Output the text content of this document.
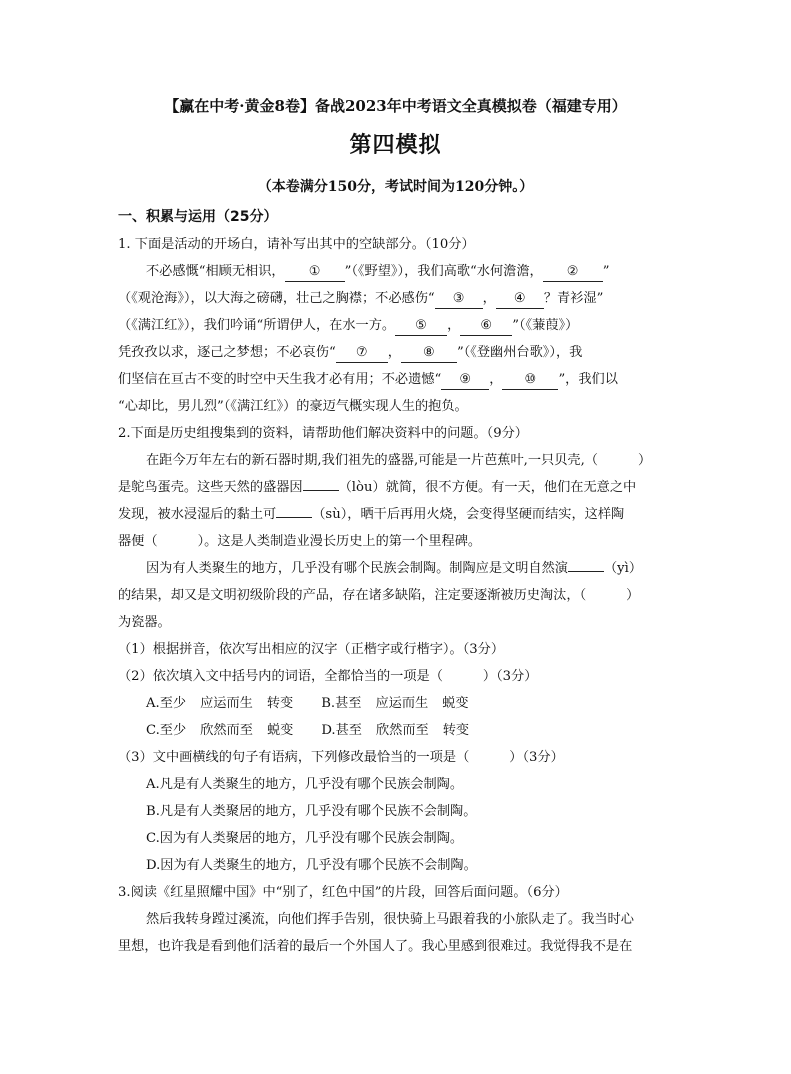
【赢在中考·黄金8卷】备战2023年中考语文全真模拟卷（福建专用）
第四模拟
（本卷满分150分，考试时间为120分钟。）
一、积累与运用（25分）
1. 下面是活动的开场白，请补写出其中的空缺部分。（10分）
不必感慨“相顾无相识， ① ”（《野望》），我们高歌“水何澹澹， ② ”
（《观沧海》），以大海之磅礴，壮己之胸襟；不必感伤“ ③ ， ④ ？青衫湿”
（《满江红》），我们吟诵“所谓伊人，在水一方。 ⑤ ， ⑥ ”（《蒹葭》）
凭孜孜以求，逐己之梦想；不必哀伤“ ⑦ ， ⑧ ”（《登幽州台歌》），我
们坚信在亘古不变的时空中天生我才必有用；不必遗憾“ ⑨ ， ⑩ ”，我们以
“心却比，男儿烈”（《满江红》）的豪迈气概实现人生的抱负。
2.下面是历史组搜集到的资料，请帮助他们解决资料中的问题。（9分）
在距今万年左右的新石器时期,我们祖先的盛器,可能是一片芭蕉叶,一只贝壳,（	）
是鸵鸟蛋壳。这些天然的盛器因	（lòu）就简，很不方便。有一天，他们在无意之中
发现，被水浸湿后的黏土可	（sù），晒干后再用火烧，会变得坚硬而结实，这样陶
器便（	）。这是人类制造业漫长历史上的第一个里程碑。
因为有人类聚生的地方，几乎没有哪个民族会制陶。制陶应是文明自然演	（yì）
的结果，却又是文明初级阶段的产品，存在诸多缺陷，注定要逐渐被历史淘汰，（	）
为瓷器。
（1）根据拼音，依次写出相应的汉字（正楷字或行楷字）。（3分）
（2）依次填入文中括号内的词语，全都恰当的一项是（	）（3分）
A.至少 应运而生 转变 B.甚至 应运而生 蜕变
C.至少 欣然而至 蜕变 D.甚至 欣然而至 转变
（3）文中画横线的句子有语病，下列修改最恰当的一项是（	）（3分）
A.凡是有人类聚生的地方，几乎没有哪个民族会制陶。
B.凡是有人类聚居的地方，几乎没有哪个民族不会制陶。
C.因为有人类聚居的地方，几乎没有哪个民族会制陶。
D.因为有人类聚生的地方，几乎没有哪个民族不会制陶。
3.阅读《红星照耀中国》中“别了，红色中国”的片段，回答后面问题。（6分）
然后我转身蹚过溪流，向他们挥手告别，很快骑上马跟着我的小旅队走了。我当时心
里想，也许我是看到他们活着的最后一个外国人了。我心里感到很难过。我觉得我不是在
